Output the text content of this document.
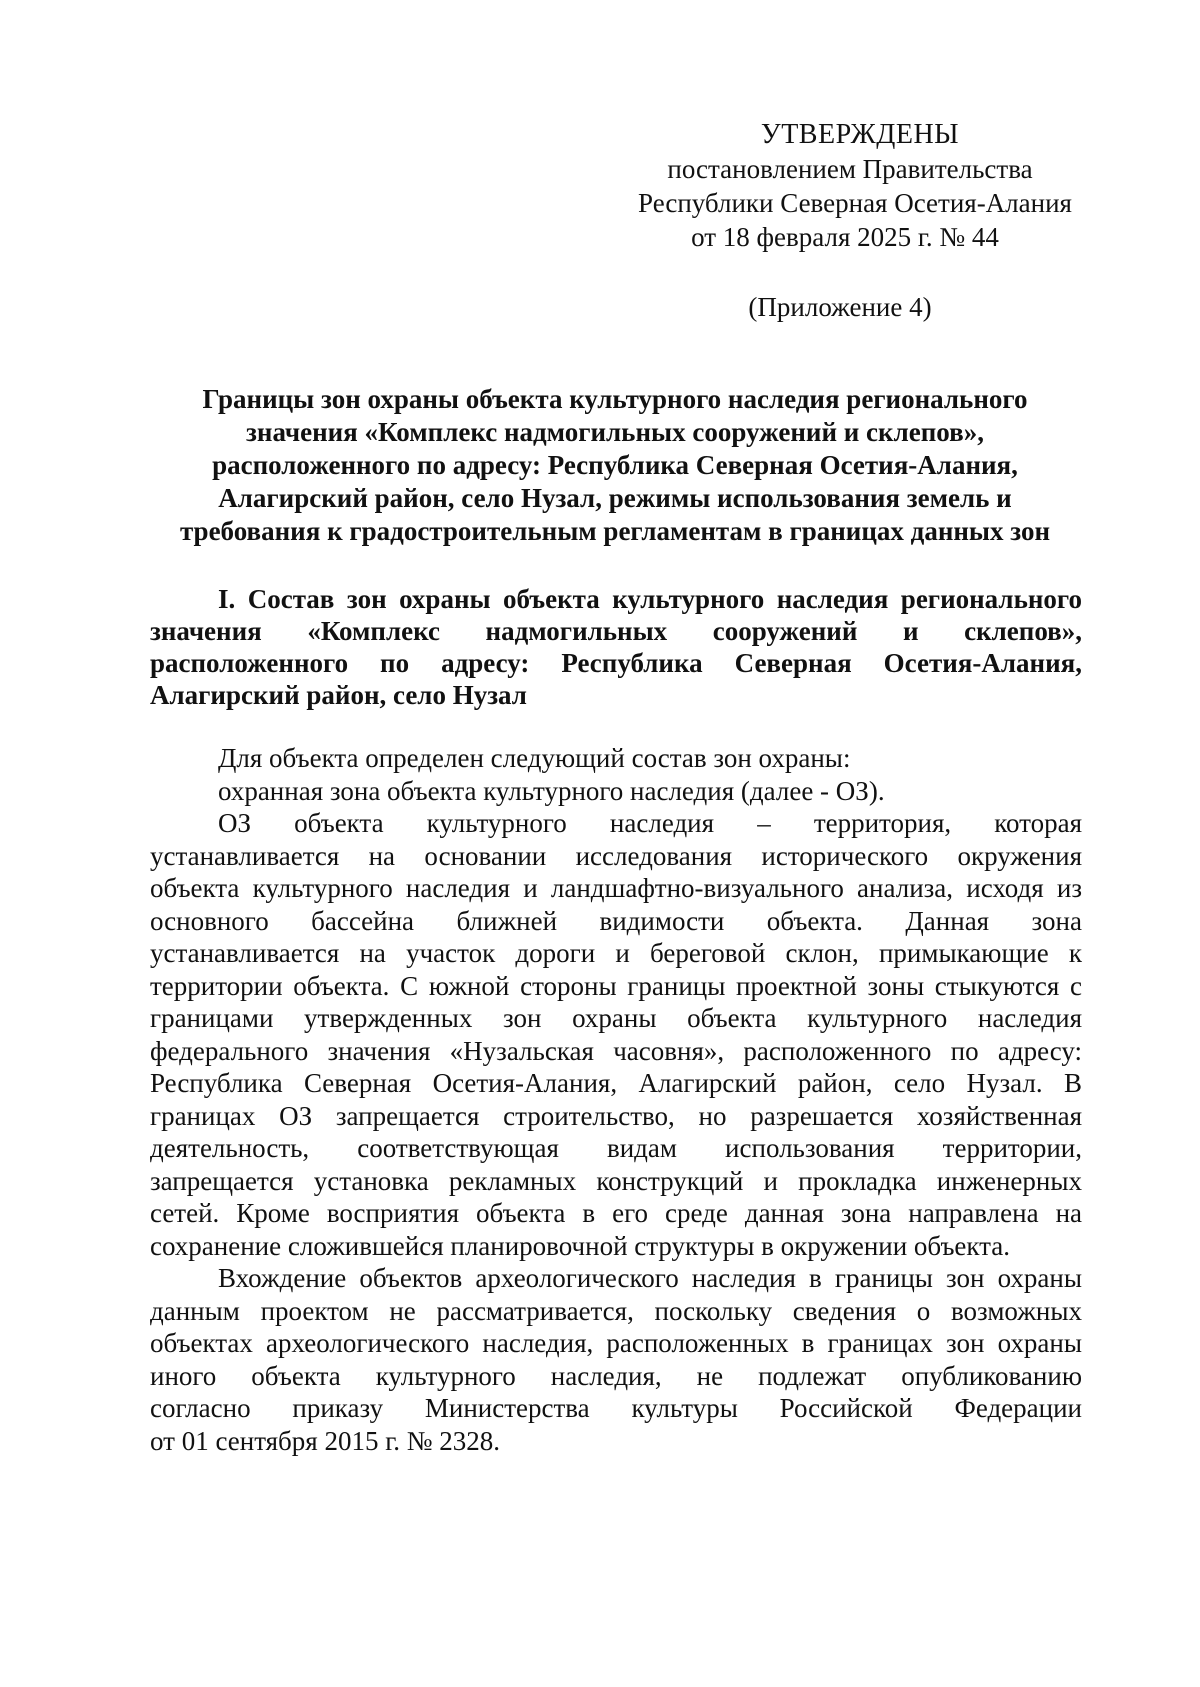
УТВЕРЖДЕНЫ
постановлением Правительства
Республики Северная Осетия-Алания
от 18 февраля 2025 г. № 44
(Приложение 4)
Границы зон охраны объекта культурного наследия регионального
значения «Комплекс надмогильных сооружений и склепов»,
расположенного по адресу: Республика Северная Осетия-Алания,
Алагирский район, село Нузал, режимы использования земель и
требования к градостроительным регламентам в границах данных зон
I. Состав зон охраны объекта культурного наследия регионального
значения «Комплекс надмогильных сооружений и склепов»,
расположенного по адресу: Республика Северная Осетия-Алания,
Алагирский район, село Нузал
Для объекта определен следующий состав зон охраны:
охранная зона объекта культурного наследия (далее - ОЗ).
ОЗ объекта культурного наследия – территория, которая
устанавливается на основании исследования исторического окружения
объекта культурного наследия и ландшафтно-визуального анализа, исходя из
основного бассейна ближней видимости объекта. Данная зона
устанавливается на участок дороги и береговой склон, примыкающие к
территории объекта. С южной стороны границы проектной зоны стыкуются с
границами утвержденных зон охраны объекта культурного наследия
федерального значения «Нузальская часовня», расположенного по адресу:
Республика Северная Осетия-Алания, Алагирский район, село Нузал. В
границах ОЗ запрещается строительство, но разрешается хозяйственная
деятельность, соответствующая видам использования территории,
запрещается установка рекламных конструкций и прокладка инженерных
сетей. Кроме восприятия объекта в его среде данная зона направлена на
сохранение сложившейся планировочной структуры в окружении объекта.
Вхождение объектов археологического наследия в границы зон охраны
данным проектом не рассматривается, поскольку сведения о возможных
объектах археологического наследия, расположенных в границах зон охраны
иного объекта культурного наследия, не подлежат опубликованию
согласно приказу Министерства культуры Российской Федерации
от 01 сентября 2015 г. № 2328.
